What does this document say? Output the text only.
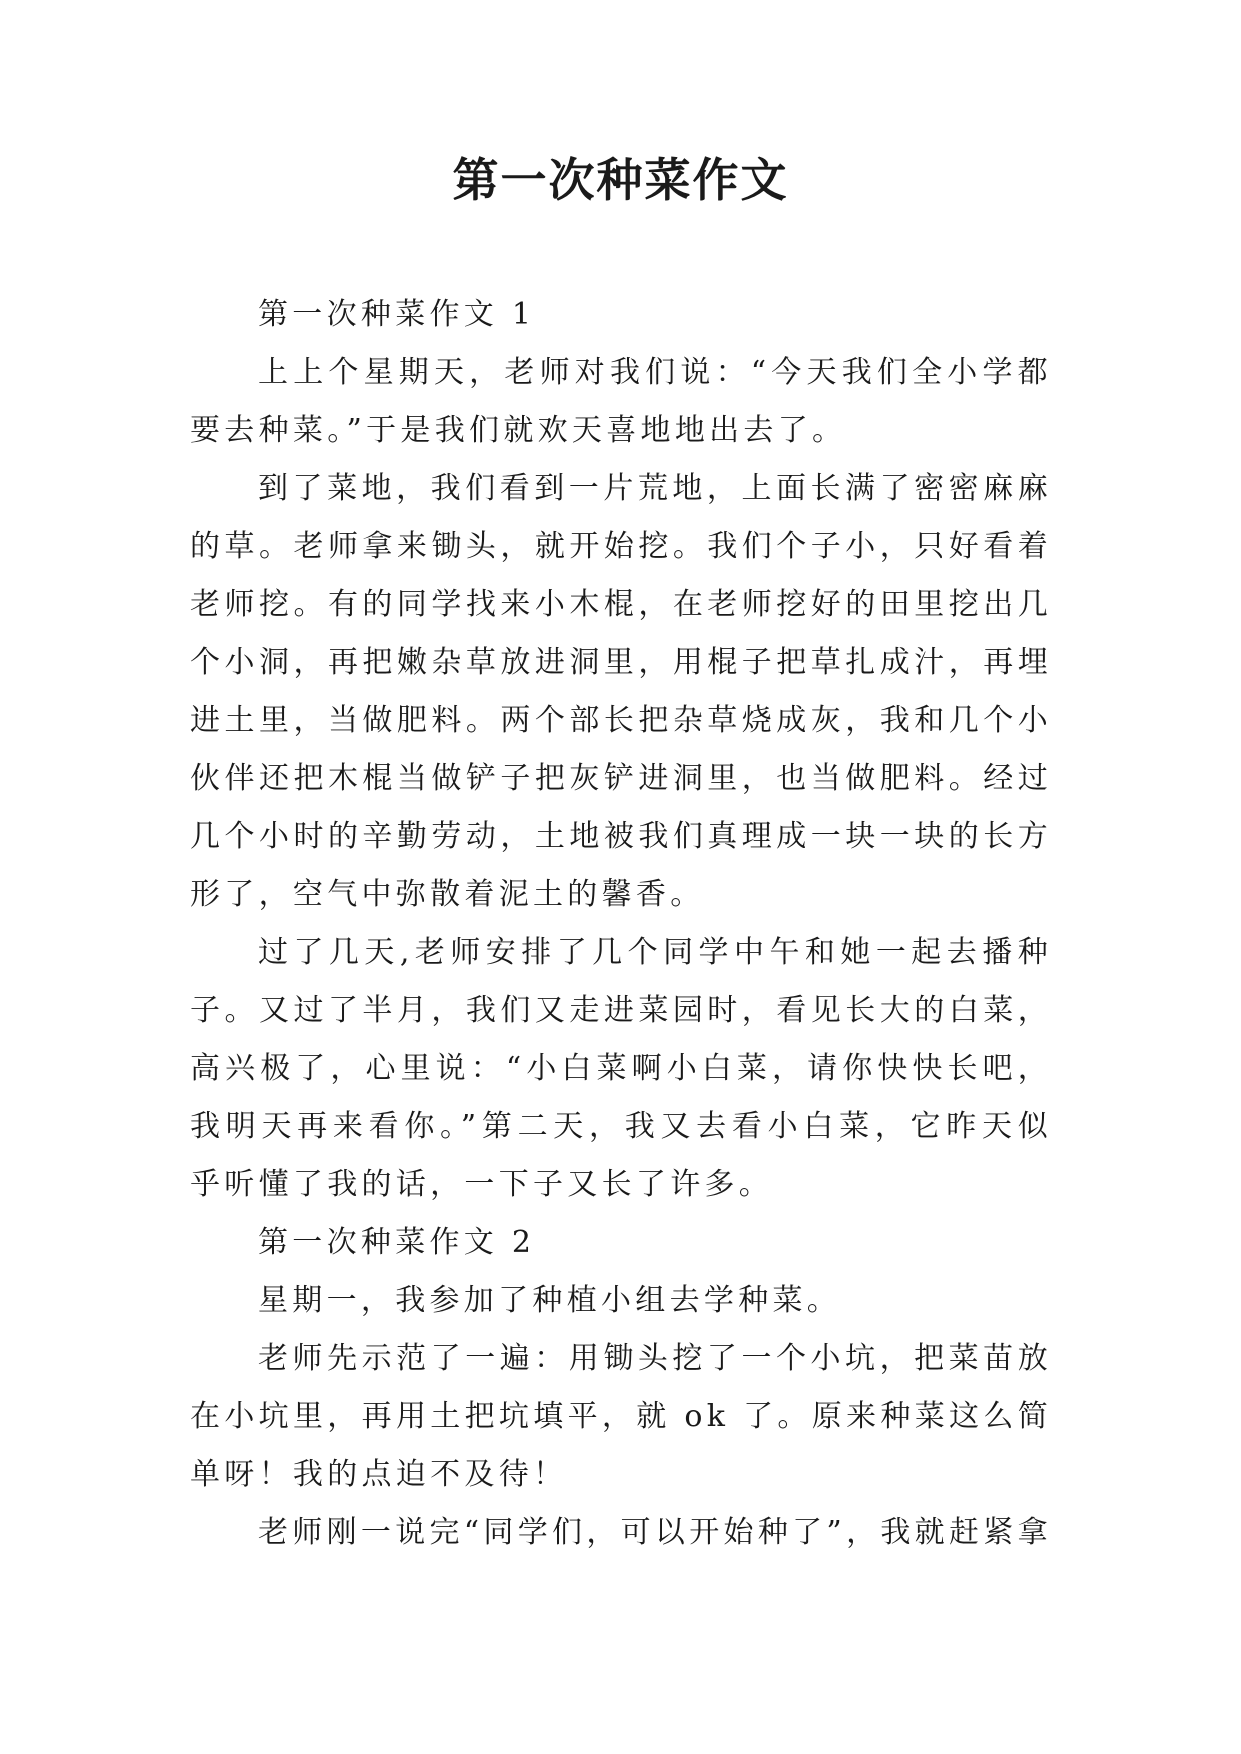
第一次种菜作文

第一次种菜作文 1

上上个星期天，老师对我们说：“今天我们全小学都要去种菜。”于是我们就欢天喜地地出去了。

到了菜地，我们看到一片荒地，上面长满了密密麻麻的草。老师拿来锄头，就开始挖。我们个子小，只好看着老师挖。有的同学找来小木棍，在老师挖好的田里挖出几个小洞，再把嫩杂草放进洞里，用棍子把草扎成汁，再埋进土里，当做肥料。两个部长把杂草烧成灰，我和几个小伙伴还把木棍当做铲子把灰铲进洞里，也当做肥料。经过几个小时的辛勤劳动，土地被我们真理成一块一块的长方形了，空气中弥散着泥土的馨香。

过了几天,老师安排了几个同学中午和她一起去播种子。又过了半月，我们又走进菜园时，看见长大的白菜，高兴极了，心里说：“小白菜啊小白菜，请你快快长吧，我明天再来看你。”第二天，我又去看小白菜，它昨天似乎听懂了我的话，一下子又长了许多。

第一次种菜作文 2

星期一，我参加了种植小组去学种菜。

老师先示范了一遍：用锄头挖了一个小坑，把菜苗放在小坑里，再用土把坑填平，就 ok 了。原来种菜这么简单呀！我的点迫不及待！

老师刚一说完“同学们，可以开始种了”，我就赶紧拿
